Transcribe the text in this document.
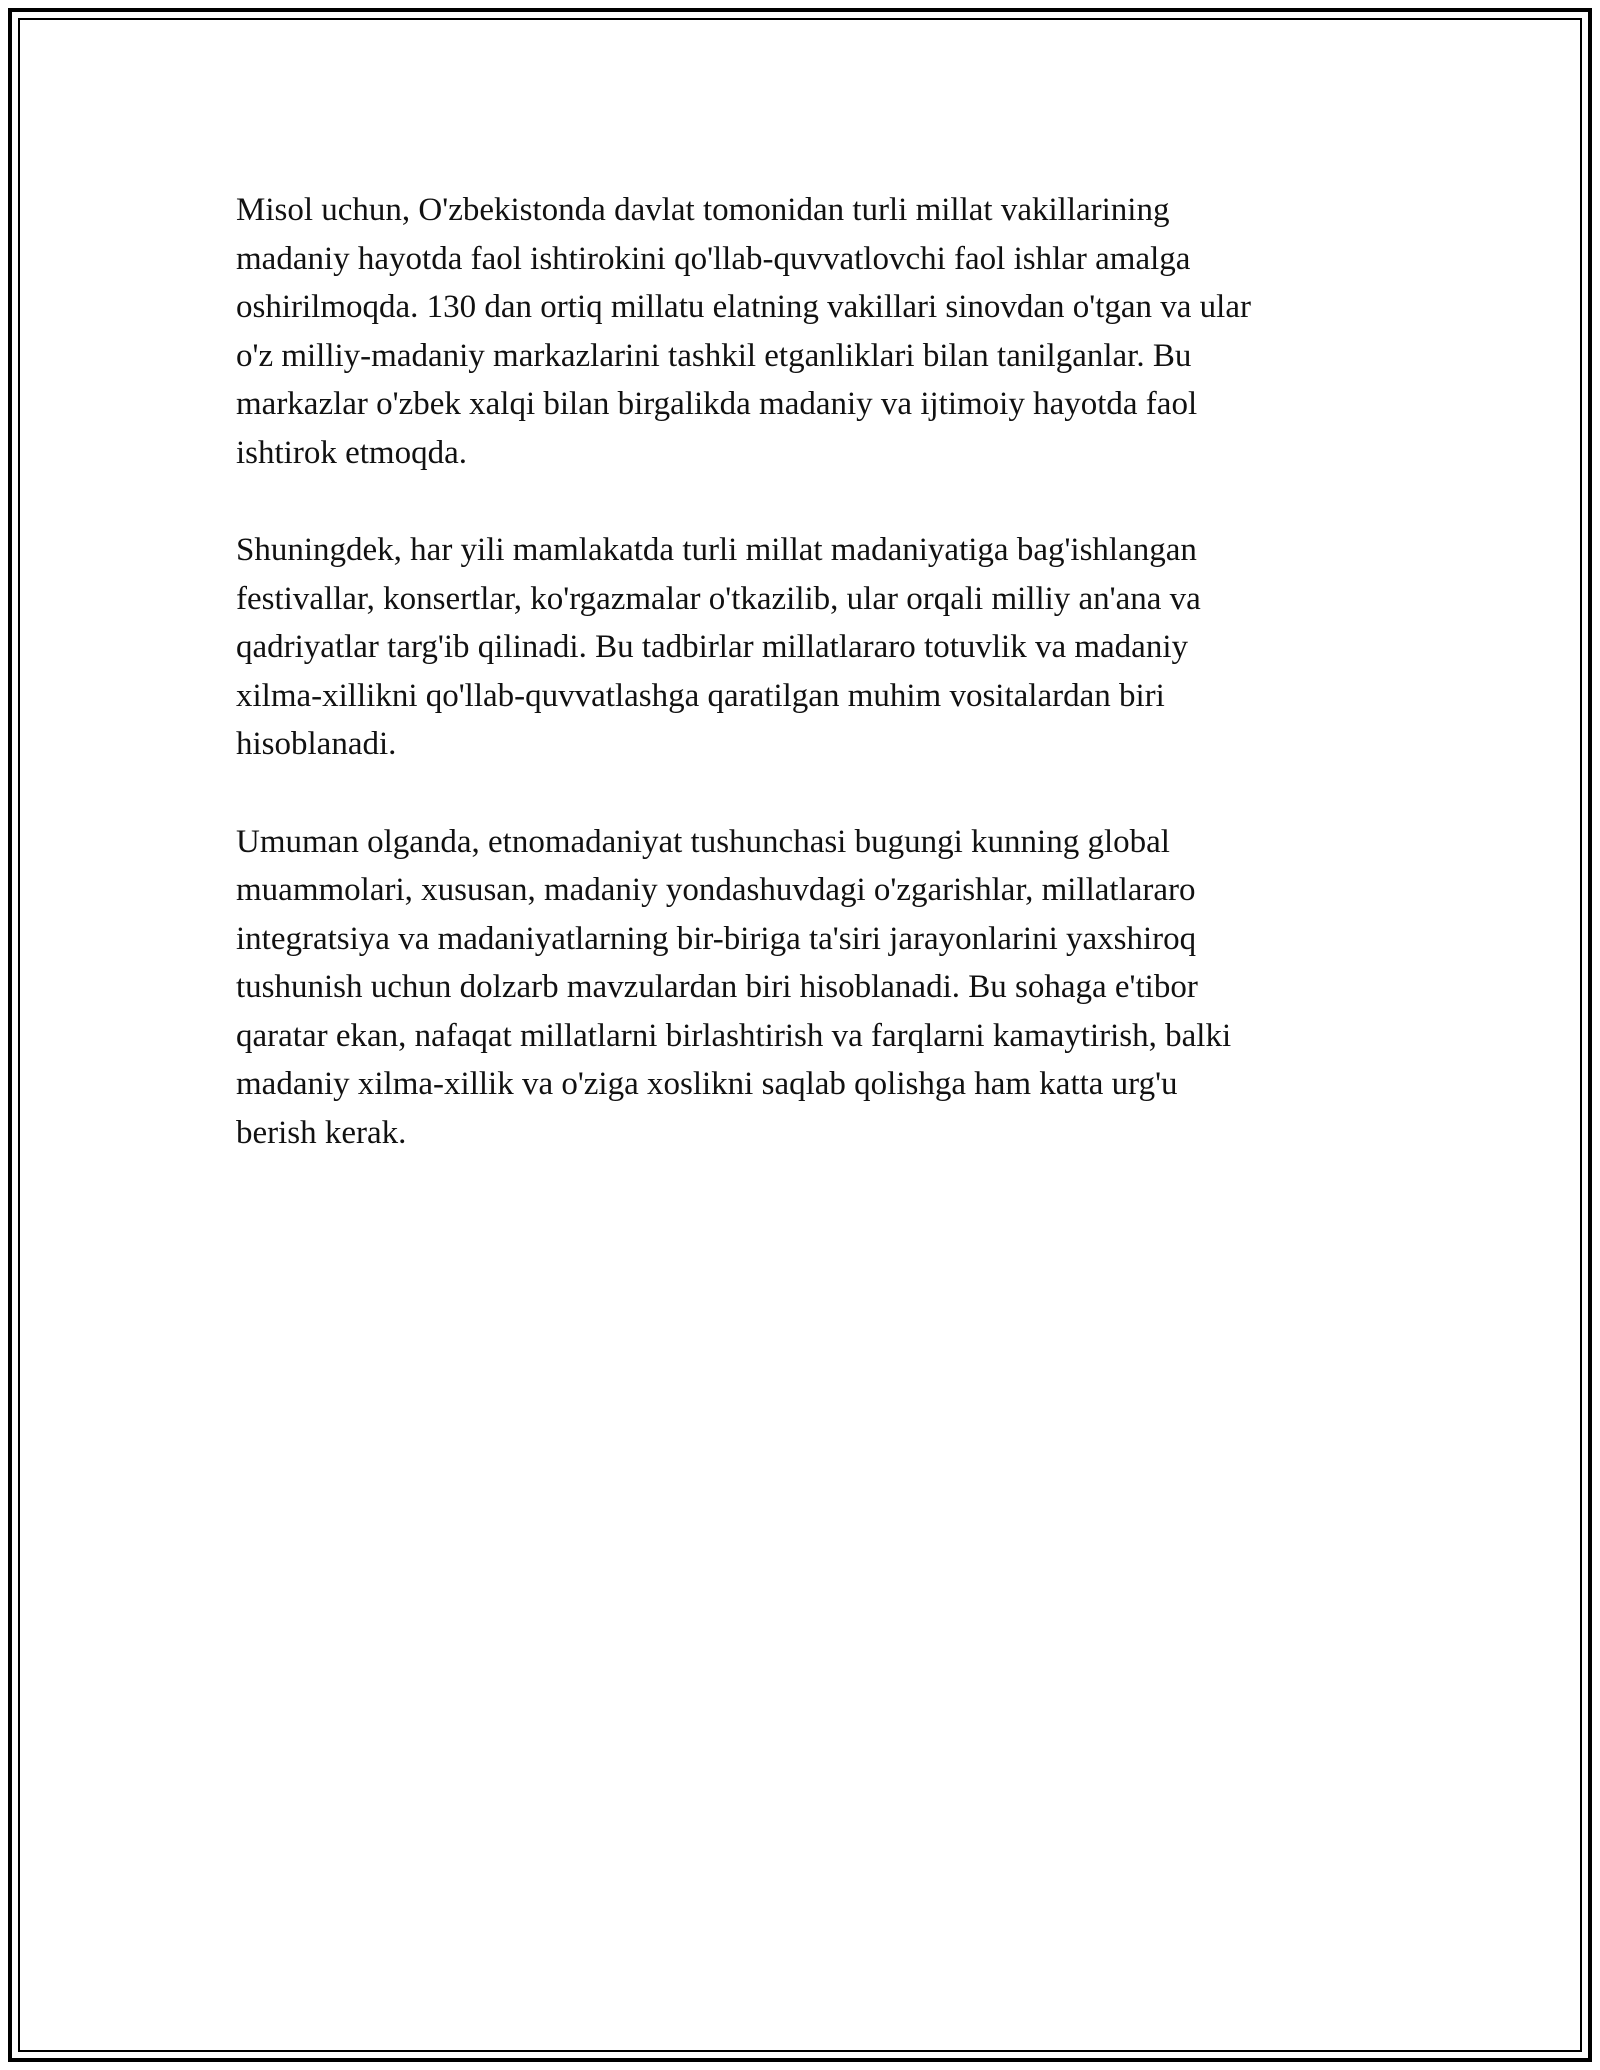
Misol uchun, O'zbekistonda davlat tomonidan turli millat vakillarining
madaniy hayotda faol ishtirokini qo'llab-quvvatlovchi faol ishlar amalga
oshirilmoqda. 130 dan ortiq millatu elatning vakillari sinovdan o'tgan va ular
o'z milliy-madaniy markazlarini tashkil etganliklari bilan tanilganlar. Bu
markazlar o'zbek xalqi bilan birgalikda madaniy va ijtimoiy hayotda faol
ishtirok etmoqda.

Shuningdek, har yili mamlakatda turli millat madaniyatiga bag'ishlangan
festivallar, konsertlar, ko'rgazmalar o'tkazilib, ular orqali milliy an'ana va
qadriyatlar targ'ib qilinadi. Bu tadbirlar millatlararo totuvlik va madaniy
xilma-xillikni qo'llab-quvvatlashga qaratilgan muhim vositalardan biri
hisoblanadi.

Umuman olganda, etnomadaniyat tushunchasi bugungi kunning global
muammolari, xususan, madaniy yondashuvdagi o'zgarishlar, millatlararo
integratsiya va madaniyatlarning bir-biriga ta'siri jarayonlarini yaxshiroq
tushunish uchun dolzarb mavzulardan biri hisoblanadi. Bu sohaga e'tibor
qaratar ekan, nafaqat millatlarni birlashtirish va farqlarni kamaytirish, balki
madaniy xilma-xillik va o'ziga xoslikni saqlab qolishga ham katta urg'u
berish kerak.
